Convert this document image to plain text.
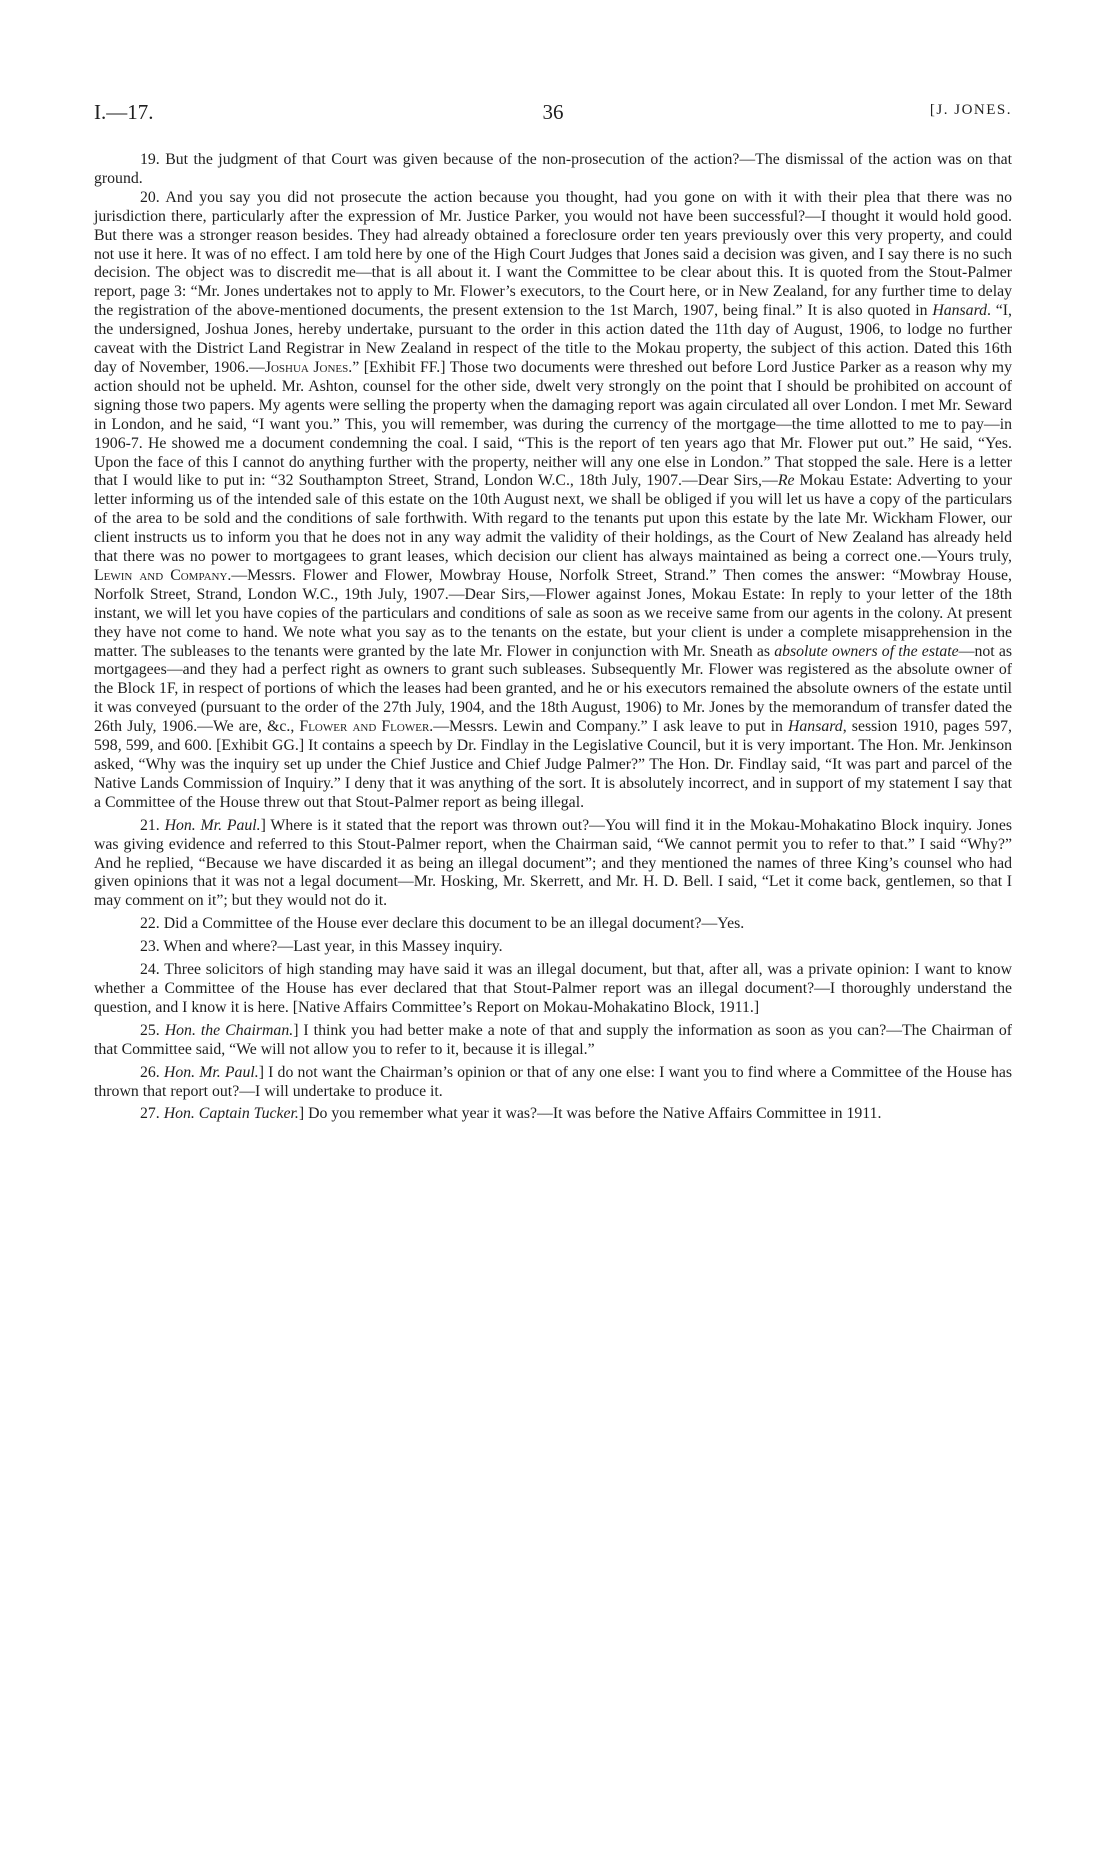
I.—17.	36	[J. JONES.

19. But the judgment of that Court was given because of the non-prosecution of the action?—The dismissal of the action was on that ground.

20. And you say you did not prosecute the action because you thought, had you gone on with it with their plea that there was no jurisdiction there, particularly after the expression of Mr. Justice Parker, you would not have been successful?—I thought it would hold good. But there was a stronger reason besides. They had already obtained a foreclosure order ten years previously over this very property, and could not use it here. It was of no effect. I am told here by one of the High Court Judges that Jones said a decision was given, and I say there is no such decision. The object was to discredit me—that is all about it. I want the Committee to be clear about this. It is quoted from the Stout-Palmer report, page 3: “Mr. Jones undertakes not to apply to Mr. Flower’s executors, to the Court here, or in New Zealand, for any further time to delay the registration of the above-mentioned documents, the present extension to the 1st March, 1907, being final.” It is also quoted in Hansard. “I, the undersigned, Joshua Jones, hereby undertake, pursuant to the order in this action dated the 11th day of August, 1906, to lodge no further caveat with the District Land Registrar in New Zealand in respect of the title to the Mokau property, the subject of this action. Dated this 16th day of November, 1906.—Joshua Jones.” [Exhibit FF.] Those two documents were threshed out before Lord Justice Parker as a reason why my action should not be upheld. Mr. Ashton, counsel for the other side, dwelt very strongly on the point that I should be prohibited on account of signing those two papers. My agents were selling the property when the damaging report was again circulated all over London. I met Mr. Seward in London, and he said, “I want you.” This, you will remember, was during the currency of the mortgage—the time allotted to me to pay—in 1906-7. He showed me a document condemning the coal. I said, “This is the report of ten years ago that Mr. Flower put out.” He said, “Yes. Upon the face of this I cannot do anything further with the property, neither will any one else in London.” That stopped the sale. Here is a letter that I would like to put in: “32 Southampton Street, Strand, London W.C., 18th July, 1907.—Dear Sirs,—Re Mokau Estate: Adverting to your letter informing us of the intended sale of this estate on the 10th August next, we shall be obliged if you will let us have a copy of the particulars of the area to be sold and the conditions of sale forthwith. With regard to the tenants put upon this estate by the late Mr. Wickham Flower, our client instructs us to inform you that he does not in any way admit the validity of their holdings, as the Court of New Zealand has already held that there was no power to mortgagees to grant leases, which decision our client has always maintained as being a correct one.—Yours truly, Lewin and Company.—Messrs. Flower and Flower, Mowbray House, Norfolk Street, Strand.” Then comes the answer: “Mowbray House, Norfolk Street, Strand, London W.C., 19th July, 1907.—Dear Sirs,—Flower against Jones, Mokau Estate: In reply to your letter of the 18th instant, we will let you have copies of the particulars and conditions of sale as soon as we receive same from our agents in the colony. At present they have not come to hand. We note what you say as to the tenants on the estate, but your client is under a complete misapprehension in the matter. The subleases to the tenants were granted by the late Mr. Flower in conjunction with Mr. Sneath as absolute owners of the estate—not as mortgagees—and they had a perfect right as owners to grant such subleases. Subsequently Mr. Flower was registered as the absolute owner of the Block 1F, in respect of portions of which the leases had been granted, and he or his executors remained the absolute owners of the estate until it was conveyed (pursuant to the order of the 27th July, 1904, and the 18th August, 1906) to Mr. Jones by the memorandum of transfer dated the 26th July, 1906.—We are, &c., Flower and Flower.—Messrs. Lewin and Company.” I ask leave to put in Hansard, session 1910, pages 597, 598, 599, and 600. [Exhibit GG.] It contains a speech by Dr. Findlay in the Legislative Council, but it is very important. The Hon. Mr. Jenkinson asked, “Why was the inquiry set up under the Chief Justice and Chief Judge Palmer?” The Hon. Dr. Findlay said, “It was part and parcel of the Native Lands Commission of Inquiry.” I deny that it was anything of the sort. It is absolutely incorrect, and in support of my statement I say that a Committee of the House threw out that Stout-Palmer report as being illegal.

21. Hon. Mr. Paul.] Where is it stated that the report was thrown out?—You will find it in the Mokau-Mohakatino Block inquiry. Jones was giving evidence and referred to this Stout-Palmer report, when the Chairman said, “We cannot permit you to refer to that.” I said “Why?” And he replied, “Because we have discarded it as being an illegal document”; and they mentioned the names of three King’s counsel who had given opinions that it was not a legal document—Mr. Hosking, Mr. Skerrett, and Mr. H. D. Bell. I said, “Let it come back, gentlemen, so that I may comment on it”; but they would not do it.

22. Did a Committee of the House ever declare this document to be an illegal document?—Yes.

23. When and where?—Last year, in this Massey inquiry.

24. Three solicitors of high standing may have said it was an illegal document, but that, after all, was a private opinion: I want to know whether a Committee of the House has ever declared that that Stout-Palmer report was an illegal document?—I thoroughly understand the question, and I know it is here. [Native Affairs Committee’s Report on Mokau-Mohakatino Block, 1911.]

25. Hon. the Chairman.] I think you had better make a note of that and supply the information as soon as you can?—The Chairman of that Committee said, “We will not allow you to refer to it, because it is illegal.”

26. Hon. Mr. Paul.] I do not want the Chairman’s opinion or that of any one else: I want you to find where a Committee of the House has thrown that report out?—I will undertake to produce it.

27. Hon. Captain Tucker.] Do you remember what year it was?—It was before the Native Affairs Committee in 1911.
